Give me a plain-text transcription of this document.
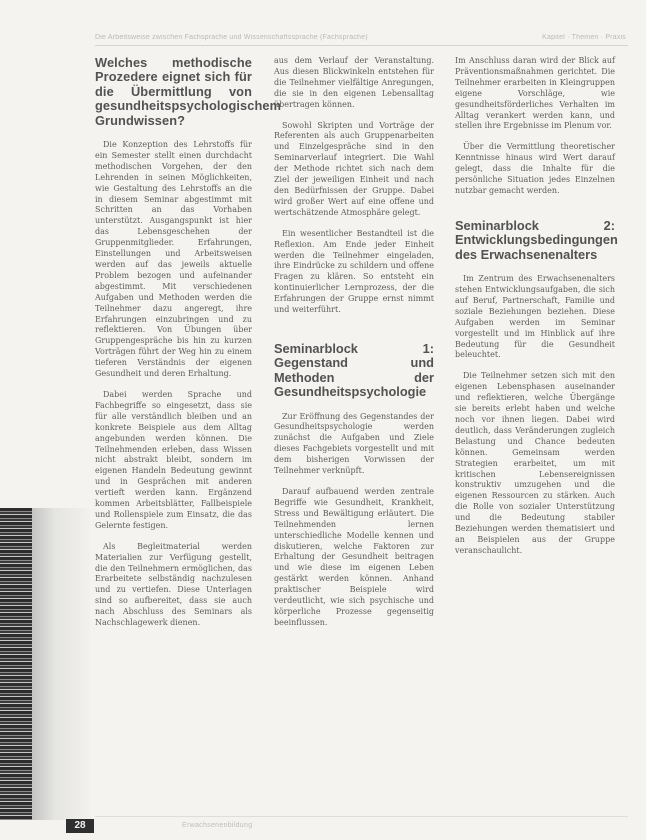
28
Die Arbeitsweise zwischen Fachsprache und Wissenschaftssprache (Fachsprache)	Kapitel · Themen · Praxis
Welches methodische Prozedere eignet sich für die Übermittlung von gesundheitspsychologischem Grundwissen?

Die Konzeption des Lehrstoffs für ein Semester stellt einen durchdacht methodischen Vorgehen, der den Lehrenden in seinen Möglichkeiten, wie Gestaltung des Lehrstoffs an die in diesem Seminar abgestimmt mit Schritten an das Vorhaben unterstützt. Ausgangspunkt ist hier das Lebensgeschehen der Gruppenmitglieder. Erfahrungen, Einstellungen und Arbeitsweisen werden auf das jeweils aktuelle Problem bezogen und aufeinander abgestimmt. Mit verschiedenen Aufgaben und Methoden werden die Teilnehmer dazu angeregt, ihre Erfahrungen einzubringen und zu reflektieren. Von Übungen über Gruppengespräche bis hin zu kurzen Vorträgen führt der Weg hin zu einem tieferen Verständnis der eigenen Gesundheit und deren Erhaltung.

Dabei werden Sprache und Fachbegriffe so eingesetzt, dass sie für alle verständlich bleiben und an konkrete Beispiele aus dem Alltag angebunden werden können. Die Teilnehmenden erleben, dass Wissen nicht abstrakt bleibt, sondern im eigenen Handeln Bedeutung gewinnt und in Gesprächen mit anderen vertieft werden kann. Ergänzend kommen Arbeitsblätter, Fallbeispiele und Rollenspiele zum Einsatz, die das Gelernte festigen.

Als Begleitmaterial werden Materialien zur Verfügung gestellt, die den Teilnehmern ermöglichen, das Erarbeitete selbständig nachzulesen und zu vertiefen. Diese Unterlagen sind so aufbereitet, dass sie auch nach Abschluss des Seminars als Nachschlagewerk dienen.

aus dem Verlauf der Veranstaltung. Aus diesen Blickwinkeln entstehen für die Teilnehmer vielfältige Anregungen, die sie in den eigenen Lebensalltag übertragen können.

Sowohl Skripten und Vorträge der Referenten als auch Gruppenarbeiten und Einzelgespräche sind in den Seminarverlauf integriert. Die Wahl der Methode richtet sich nach dem Ziel der jeweiligen Einheit und nach den Bedürfnissen der Gruppe. Dabei wird großer Wert auf eine offene und wertschätzende Atmosphäre gelegt.

Ein wesentlicher Bestandteil ist die Reflexion. Am Ende jeder Einheit werden die Teilnehmer eingeladen, ihre Eindrücke zu schildern und offene Fragen zu klären. So entsteht ein kontinuierlicher Lernprozess, der die Erfahrungen der Gruppe ernst nimmt und weiterführt.

Seminarblock 1: Gegenstand und Methoden der Gesundheitspsychologie

Zur Eröffnung des Gegenstandes der Gesundheitspsychologie werden zunächst die Aufgaben und Ziele dieses Fachgebiets vorgestellt und mit dem bisherigen Vorwissen der Teilnehmer verknüpft.

Darauf aufbauend werden zentrale Begriffe wie Gesundheit, Krankheit, Stress und Bewältigung erläutert. Die Teilnehmenden lernen unterschiedliche Modelle kennen und diskutieren, welche Faktoren zur Erhaltung der Gesundheit beitragen und wie diese im eigenen Leben gestärkt werden können. Anhand praktischer Beispiele wird verdeutlicht, wie sich psychische und körperliche Prozesse gegenseitig beeinflussen.

Im Anschluss daran wird der Blick auf Präventionsmaßnahmen gerichtet. Die Teilnehmer erarbeiten in Kleingruppen eigene Vorschläge, wie gesundheitsförderliches Verhalten im Alltag verankert werden kann, und stellen ihre Ergebnisse im Plenum vor.

Über die Vermittlung theoretischer Kenntnisse hinaus wird Wert darauf gelegt, dass die Inhalte für die persönliche Situation jedes Einzelnen nutzbar gemacht werden.

Seminarblock 2: Entwicklungsbedingungen des Erwachsenenalters

Im Zentrum des Erwachsenenalters stehen Entwicklungsaufgaben, die sich auf Beruf, Partnerschaft, Familie und soziale Beziehungen beziehen. Diese Aufgaben werden im Seminar vorgestellt und im Hinblick auf ihre Bedeutung für die Gesundheit beleuchtet.

Die Teilnehmer setzen sich mit den eigenen Lebensphasen auseinander und reflektieren, welche Übergänge sie bereits erlebt haben und welche noch vor ihnen liegen. Dabei wird deutlich, dass Veränderungen zugleich Belastung und Chance bedeuten können. Gemeinsam werden Strategien erarbeitet, um mit kritischen Lebensereignissen konstruktiv umzugehen und die eigenen Ressourcen zu stärken. Auch die Rolle von sozialer Unterstützung und die Bedeutung stabiler Beziehungen werden thematisiert und an Beispielen aus der Gruppe veranschaulicht.

Erwachsenenbildung
